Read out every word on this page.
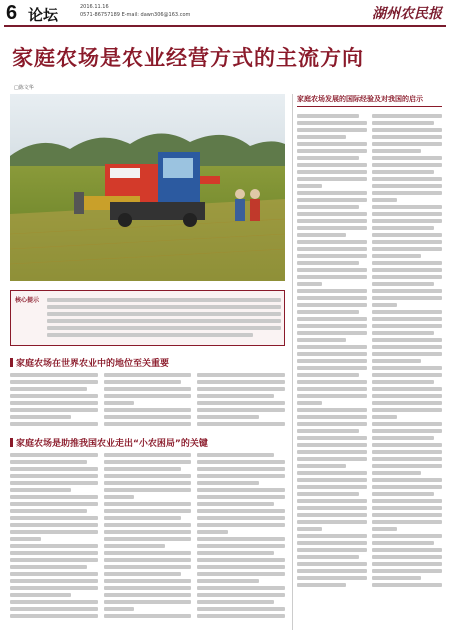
6 论坛	2016.11.16
0571-86757189 E-mail: dawn306@163.com	湖州农民报
家庭农场是农业经营方式的主流方向
□陈文华
家庭农场发展的国际经验及对我国的启示
核心提示
家庭农场在世界农业中的地位至关重要
家庭农场是助推我国农业走出“小农困局”的关键
